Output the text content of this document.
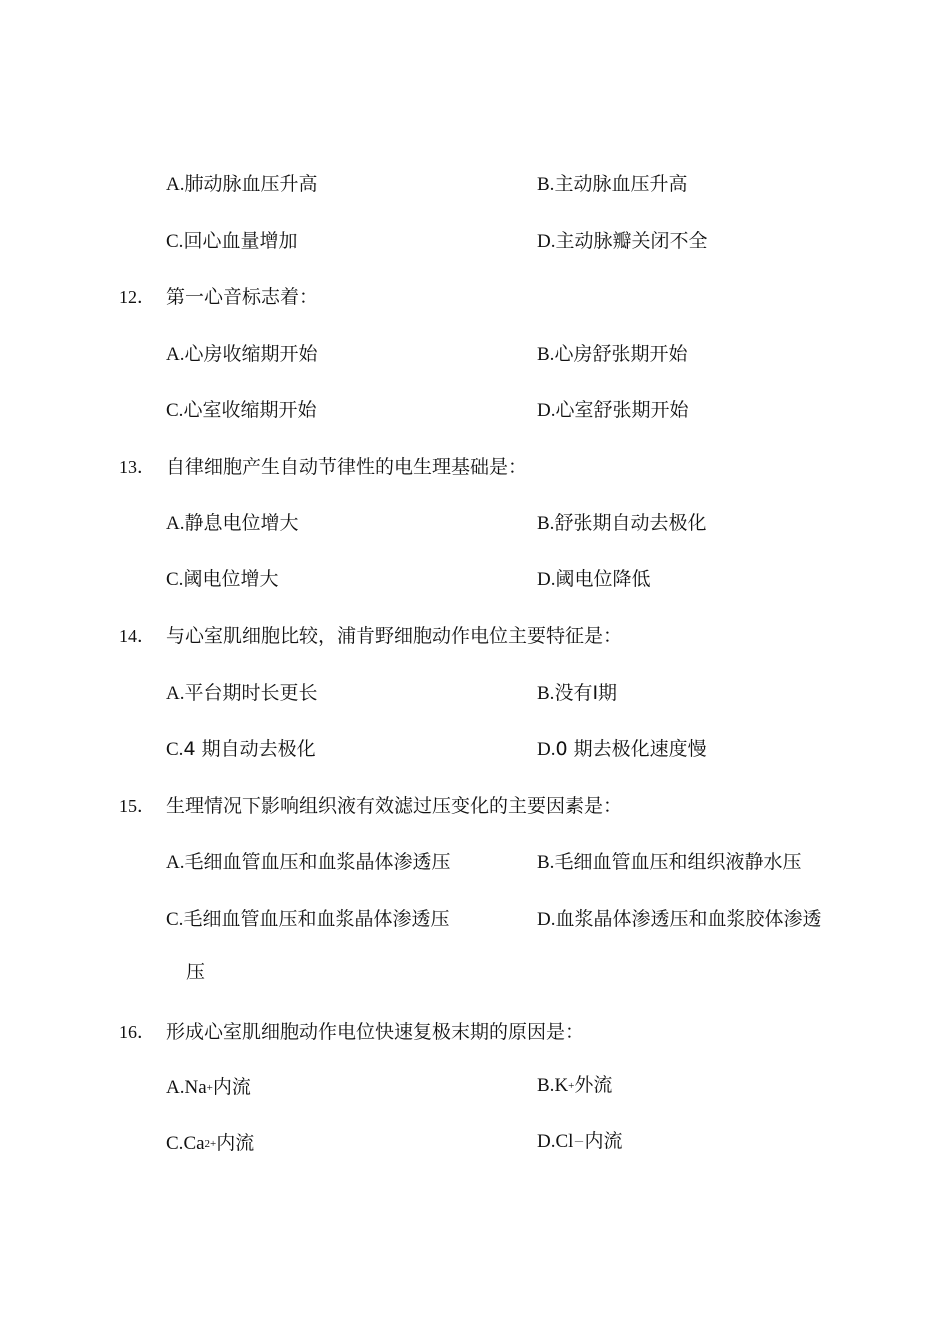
A.肺动脉血压升高	B.主动脉血压升高
C.回心血量增加	D.主动脉瓣关闭不全
12． 第一心音标志着：
A.心房收缩期开始	B.心房舒张期开始
C.心室收缩期开始	D.心室舒张期开始
13． 自律细胞产生自动节律性的电生理基础是：
A.静息电位增大	B.舒张期自动去极化
C.阈电位增大	D.阈电位降低
14． 与心室肌细胞比较，浦肯野细胞动作电位主要特征是：
A.平台期时长更长	B.没有Ⅰ期
C.4 期自动去极化	D.0 期去极化速度慢
15． 生理情况下影响组织液有效滤过压变化的主要因素是：
A.毛细血管血压和血浆晶体渗透压	B.毛细血管血压和组织液静水压
C.毛细血管血压和血浆晶体渗透压	D.血浆晶体渗透压和血浆胶体渗透
压
16． 形成心室肌细胞动作电位快速复极末期的原因是：
A.Na+内流	B.K+外流
C.Ca2+内流	D.Cl－内流
